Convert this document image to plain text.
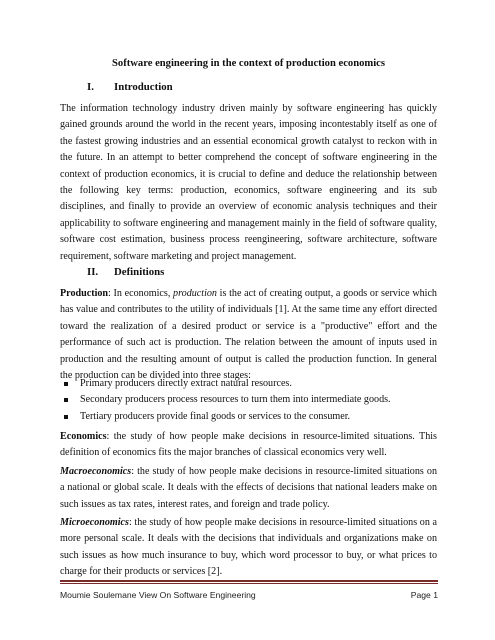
Software engineering in the context of production economics
I. Introduction

The information technology industry driven mainly by software engineering has quickly gained grounds around the world in the recent years, imposing incontestably itself as one of the fastest growing industries and an essential economical growth catalyst to reckon with in the future. In an attempt to better comprehend the concept of software engineering in the context of production economics, it is crucial to define and deduce the relationship between the following key terms: production, economics, software engineering and its sub disciplines, and finally to provide an overview of economic analysis techniques and their applicability to software engineering and management mainly in the field of software quality, software cost estimation, business process reengineering, software architecture, software requirement, software marketing and project management.

II. Definitions

Production: In economics, production is the act of creating output, a goods or service which has value and contributes to the utility of individuals [1]. At the same time any effort directed toward the realization of a desired product or service is a "productive" effort and the performance of such act is production. The relation between the amount of inputs used in production and the resulting amount of output is called the production function. In general the production can be divided into three stages:

Primary producers directly extract natural resources.
Secondary producers process resources to turn them into intermediate goods.
Tertiary producers provide final goods or services to the consumer.

Economics: the study of how people make decisions in resource-limited situations. This definition of economics fits the major branches of classical economics very well.

Macroeconomics: the study of how people make decisions in resource-limited situations on a national or global scale. It deals with the effects of decisions that national leaders make on such issues as tax rates, interest rates, and foreign and trade policy.

Microeconomics: the study of how people make decisions in resource-limited situations on a more personal scale. It deals with the decisions that individuals and organizations make on such issues as how much insurance to buy, which word processor to buy, or what prices to charge for their products or services [2].

Moumie Soulemane View On Software Engineering	Page 1
